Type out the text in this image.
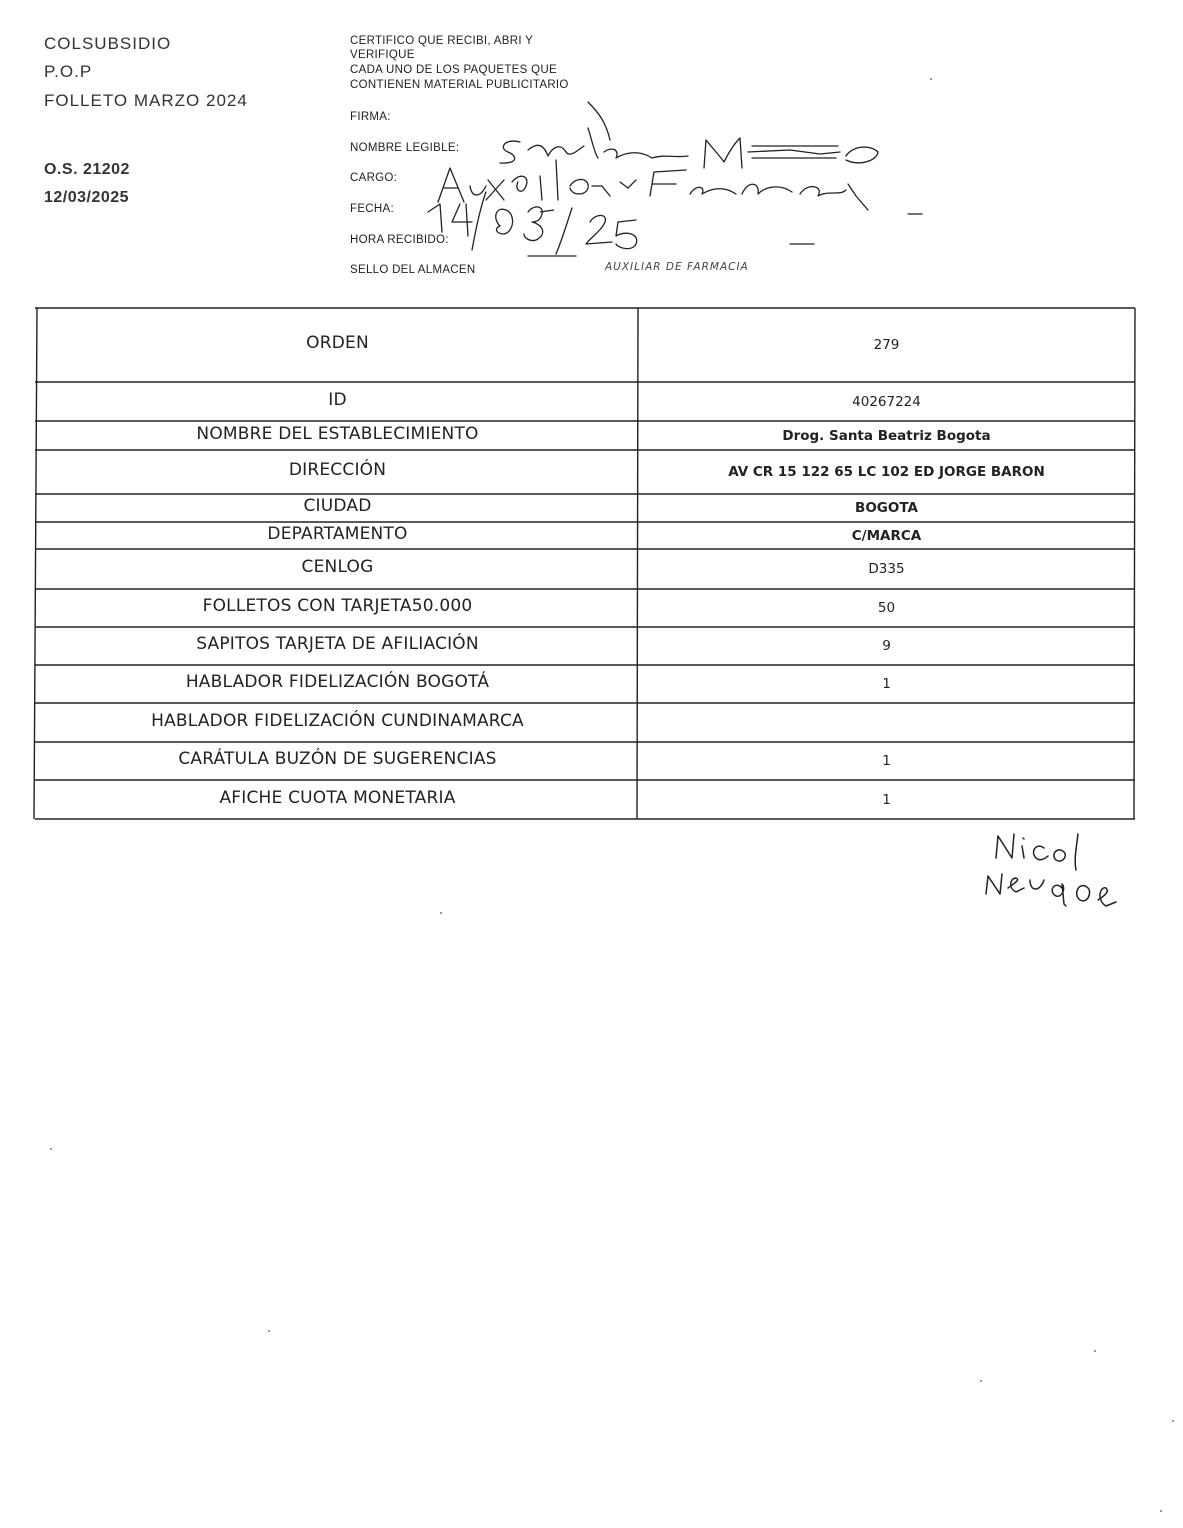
COLSUBSIDIO
P.O.P
FOLLETO MARZO 2024
O.S. 21202
12/03/2025
CERTIFICO QUE RECIBI, ABRI Y
VERIFIQUE
CADA UNO DE LOS PAQUETES QUE
CONTIENEN MATERIAL PUBLICITARIO
FIRMA:
NOMBRE LEGIBLE:
CARGO:
FECHA:
HORA RECIBIDO:
SELLO DEL ALMACEN	AUXILIAR DE FARMACIA
ORDEN	279
ID	40267224
NOMBRE DEL ESTABLECIMIENTO	Drog. Santa Beatriz Bogota
DIRECCIÓN	AV CR 15 122 65 LC 102 ED JORGE BARON
CIUDAD	BOGOTA
DEPARTAMENTO	C/MARCA
CENLOG	D335
FOLLETOS CON TARJETA50.000	50
SAPITOS TARJETA DE AFILIACIÓN	9
HABLADOR FIDELIZACIÓN BOGOTÁ	1
HABLADOR FIDELIZACIÓN CUNDINAMARCA
CARÁTULA BUZÓN DE SUGERENCIAS	1
AFICHE CUOTA MONETARIA	1
